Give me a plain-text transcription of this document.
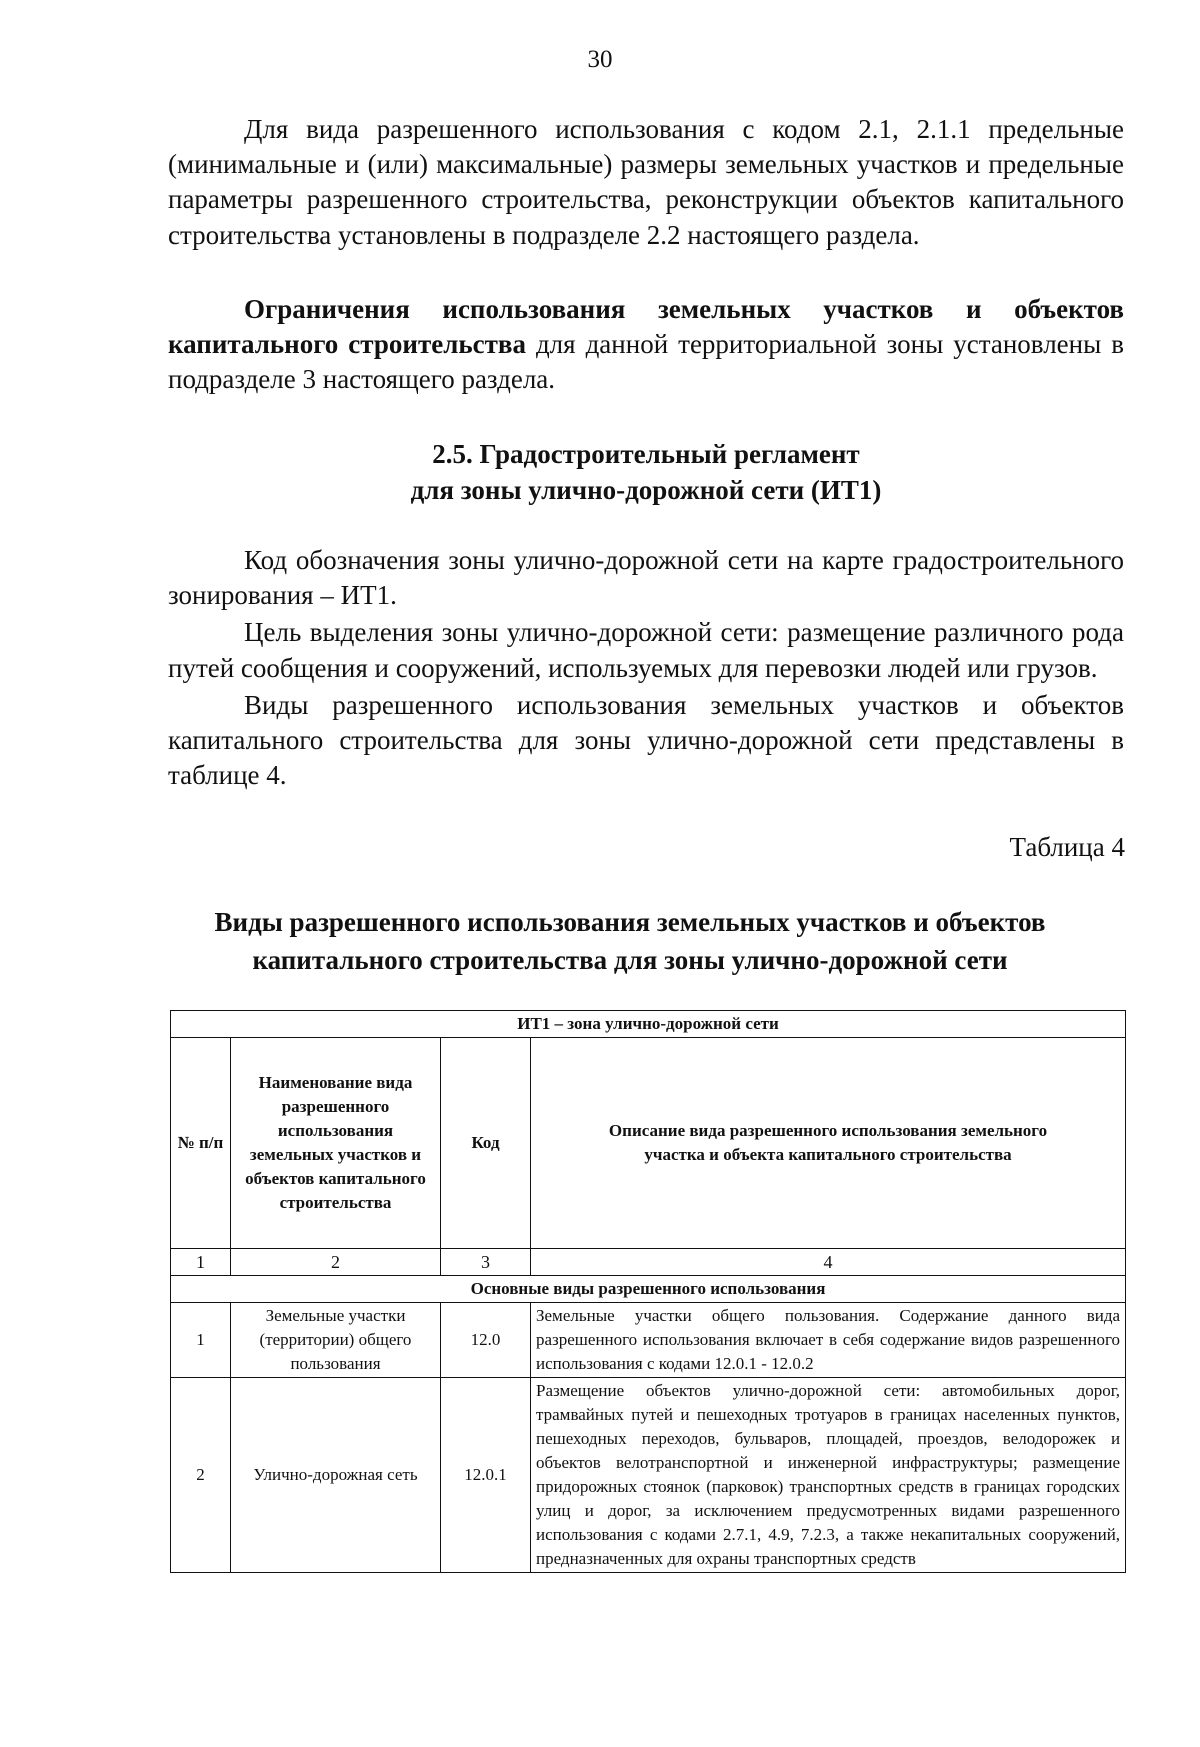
30

Для вида разрешенного использования с кодом 2.1, 2.1.1 предельные (минимальные и (или) максимальные) размеры земельных участков и предельные параметры разрешенного строительства, реконструкции объектов капитального строительства установлены в подразделе 2.2 настоящего раздела.

Ограничения использования земельных участков и объектов капитального строительства для данной территориальной зоны установлены в подразделе 3 настоящего раздела.

2.5. Градостроительный регламент
для зоны улично-дорожной сети (ИТ1)

Код обозначения зоны улично-дорожной сети на карте градостроительного зонирования – ИТ1.

Цель выделения зоны улично-дорожной сети: размещение различного рода путей сообщения и сооружений, используемых для перевозки людей или грузов.

Виды разрешенного использования земельных участков и объектов капитального строительства для зоны улично-дорожной сети представлены в таблице 4.

Таблица 4
Виды разрешенного использования земельных участков и объектов
капитального строительства для зоны улично-дорожной сети
ИТ1 – зона улично-дорожной сети			
№ п/п	Наименование вида разрешенного использования земельных участков и объектов капитального строительства	Код	Описание вида разрешенного использования земельного участка и объекта капитального строительства
1	2	3	4
Основные виды разрешенного использования			
1	Земельные участки (территории) общего пользования	12.0	Земельные участки общего пользования. Содержание данного вида разрешенного использования включает в себя содержание видов разрешенного использования с кодами 12.0.1 - 12.0.2
2	Улично-дорожная сеть	12.0.1	Размещение объектов улично-дорожной сети: автомобильных дорог, трамвайных путей и пешеходных тротуаров в границах населенных пунктов, пешеходных переходов, бульваров, площадей, проездов, велодорожек и объектов велотранспортной и инженерной инфраструктуры; размещение придорожных стоянок (парковок) транспортных средств в границах городских улиц и дорог, за исключением предусмотренных видами разрешенного использования с кодами 2.7.1, 4.9, 7.2.3, а также некапитальных сооружений, предназначенных для охраны транспортных средств
